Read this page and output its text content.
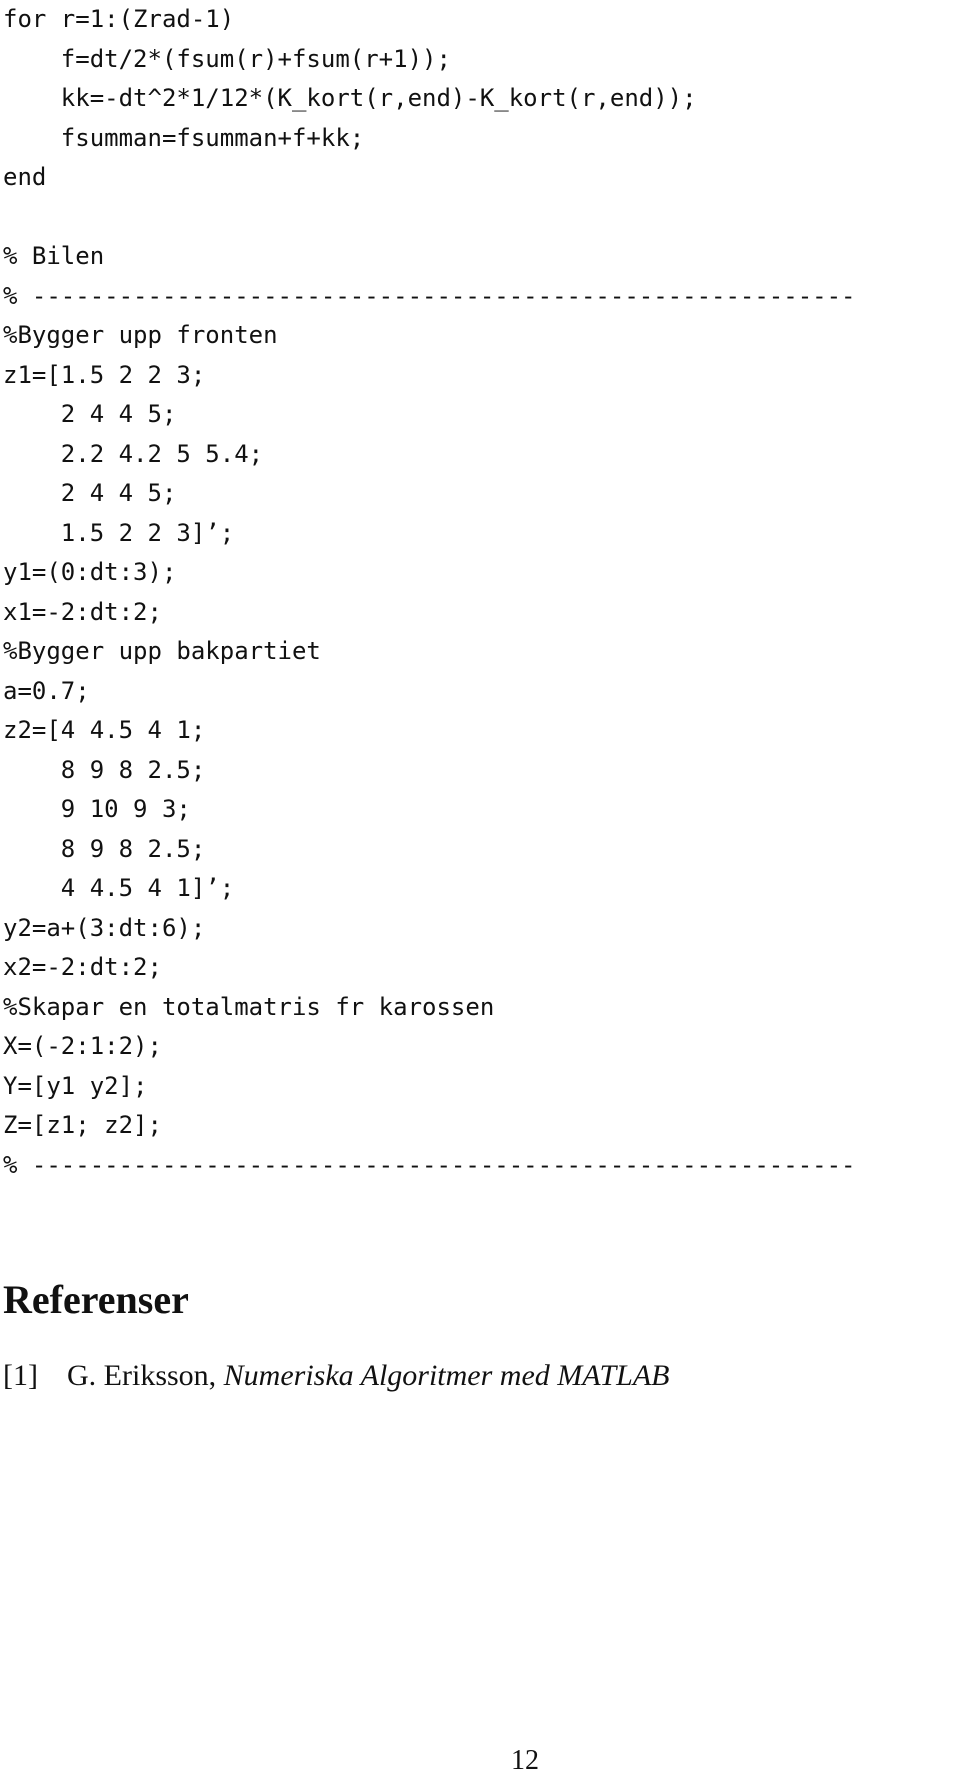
for r=1:(Zrad-1)
f=dt/2*(fsum(r)+fsum(r+1));
kk=-dt^2*1/12*(K_kort(r,end)-K_kort(r,end));
fsumman=fsumman+f+kk;
end
% Bilen
% ---------------------------------------------------------
%Bygger upp fronten
z1=[1.5 2 2 3;
2 4 4 5;
2.2 4.2 5 5.4;
2 4 4 5;
1.5 2 2 3]’;
y1=(0:dt:3);
x1=-2:dt:2;
%Bygger upp bakpartiet
a=0.7;
z2=[4 4.5 4 1;
8 9 8 2.5;
9 10 9 3;
8 9 8 2.5;
4 4.5 4 1]’;
y2=a+(3:dt:6);
x2=-2:dt:2;
%Skapar en totalmatris fr karossen
X=(-2:1:2);
Y=[y1 y2];
Z=[z1; z2];
% ---------------------------------------------------------
Referenser
[1] G. Eriksson, Numeriska Algoritmer med MATLAB
12
